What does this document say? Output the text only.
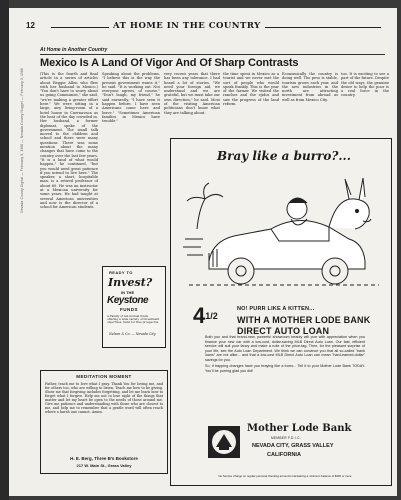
Nevada County Digital — February 3, 1966 — Nevada County Nugget — February 3, 1966
12	AT HOME IN THE COUNTRY
At Home in Another Country
Mexico Is A Land Of Vigor And Of Sharp Contrasts

(This is the fourth and final article in a series of articles about Reggie Allen who flew with her husband to Mexico.) "You don't have to worry about us going Communist," she said, "we're making a greater effort here." We were sitting in a large, airy living-room of a hotel house in Cuernavaca as the heat of the day crowded in. Her husband, a former diplomat, spoke of the government. The small talk moved to the children and school and there were many questions. There was some mention about the many changes that have come to the country over the last few years. "It is a land of what would happen," he continued, "but you would need great patience if you intend to live here." The speaker, a short, hospitable man, is a retired professor of about 60. He was an instructor at a Mexican university for some years. He had taught at several American universities and now is the director of a school for American students.

Speaking about the problems, "I believe this is the way the present government wants it," he said. "It is working out. Not everyone agrees, of course." "Don't laugh, my friend," he said earnestly, "I have seen it happen before. I have seen Americans come here and leave." "Sometimes American families in Mexico have trouble."

very recent years that there has been any tolerance. I had heard a lot of stories. "We need your foreign aid, we understand and we are grateful, but we must take our own direction," he said. Most of the visiting American politicians don't know what they are talking about.

the time spent in Mexico as a tourist and we never met the sort of people who would speak frankly. This is the year of the farmer. We visited the ranches and the ejidos and saw the progress of the land reform.

Economically the country is doing well. The peso is stable, tourism grows each year, and the new industries in the north are attracting investment from abroad as well as from Mexico City.

too. It is exciting to see a part of the future. Despite the old ways, the genuine desire to help the poor is a real force in the country.

READY TO
Invest?
IN THE
Keystone
FUNDS
A Family of ten mutual funds offering a wide variety of investment objectives. Send for free prospectus.
Nelson & Co. — Nevada City
MEDITATION MOMENT
Father, teach me to love what I pray. Thank You for loving me, and for others too, who are willing to listen. Teach me how to be giving. Show me that forgiving includes forgetting, and let me learn how to forget what I forgive. Help me not to lose sight of the things that matter and let my heart be open to the needs of those around me. Give me patience and understanding with those who are closest to me, and help me to remember that a gentle word will often reach where a harsh one cannot. Amen.
H. E. Berg, Three B's Bookstore
217 W. Main St., Grass Valley
Bray like a burro?...
$4^{1/2}$
NO! PURR LIKE A KITTEN...
WITH A MOTHER LODE BANK
DIRECT AUTO LOAN

Both you and that brand-new, powerful showroom beauty will purr with appreciation when you finance your new car with a low-cost, dollar-saving MLB Direct Auto Loan. Our fast, efficient service will suit your fancy and make a note of the price-tag. Then, for the pleasant surprise of your life, see the Auto Loan Department. We think we can convince you that all so-called "bank loans" are not alike... and that a low-cost MLB Direct Auto Loan can mean "hard-earned-dollar" savings for you.

So, if trapping changes have you braying like a burro... Tell it to your Mother Lode Bank TODAY. You'll be purring glad you did!

Mother Lode Bank
MEMBER F.D.I.C.
NEVADA CITY, GRASS VALLEY
CALIFORNIA
No Service Charge on regular personal checking accounts maintaining a minimum balance of $300 or more
